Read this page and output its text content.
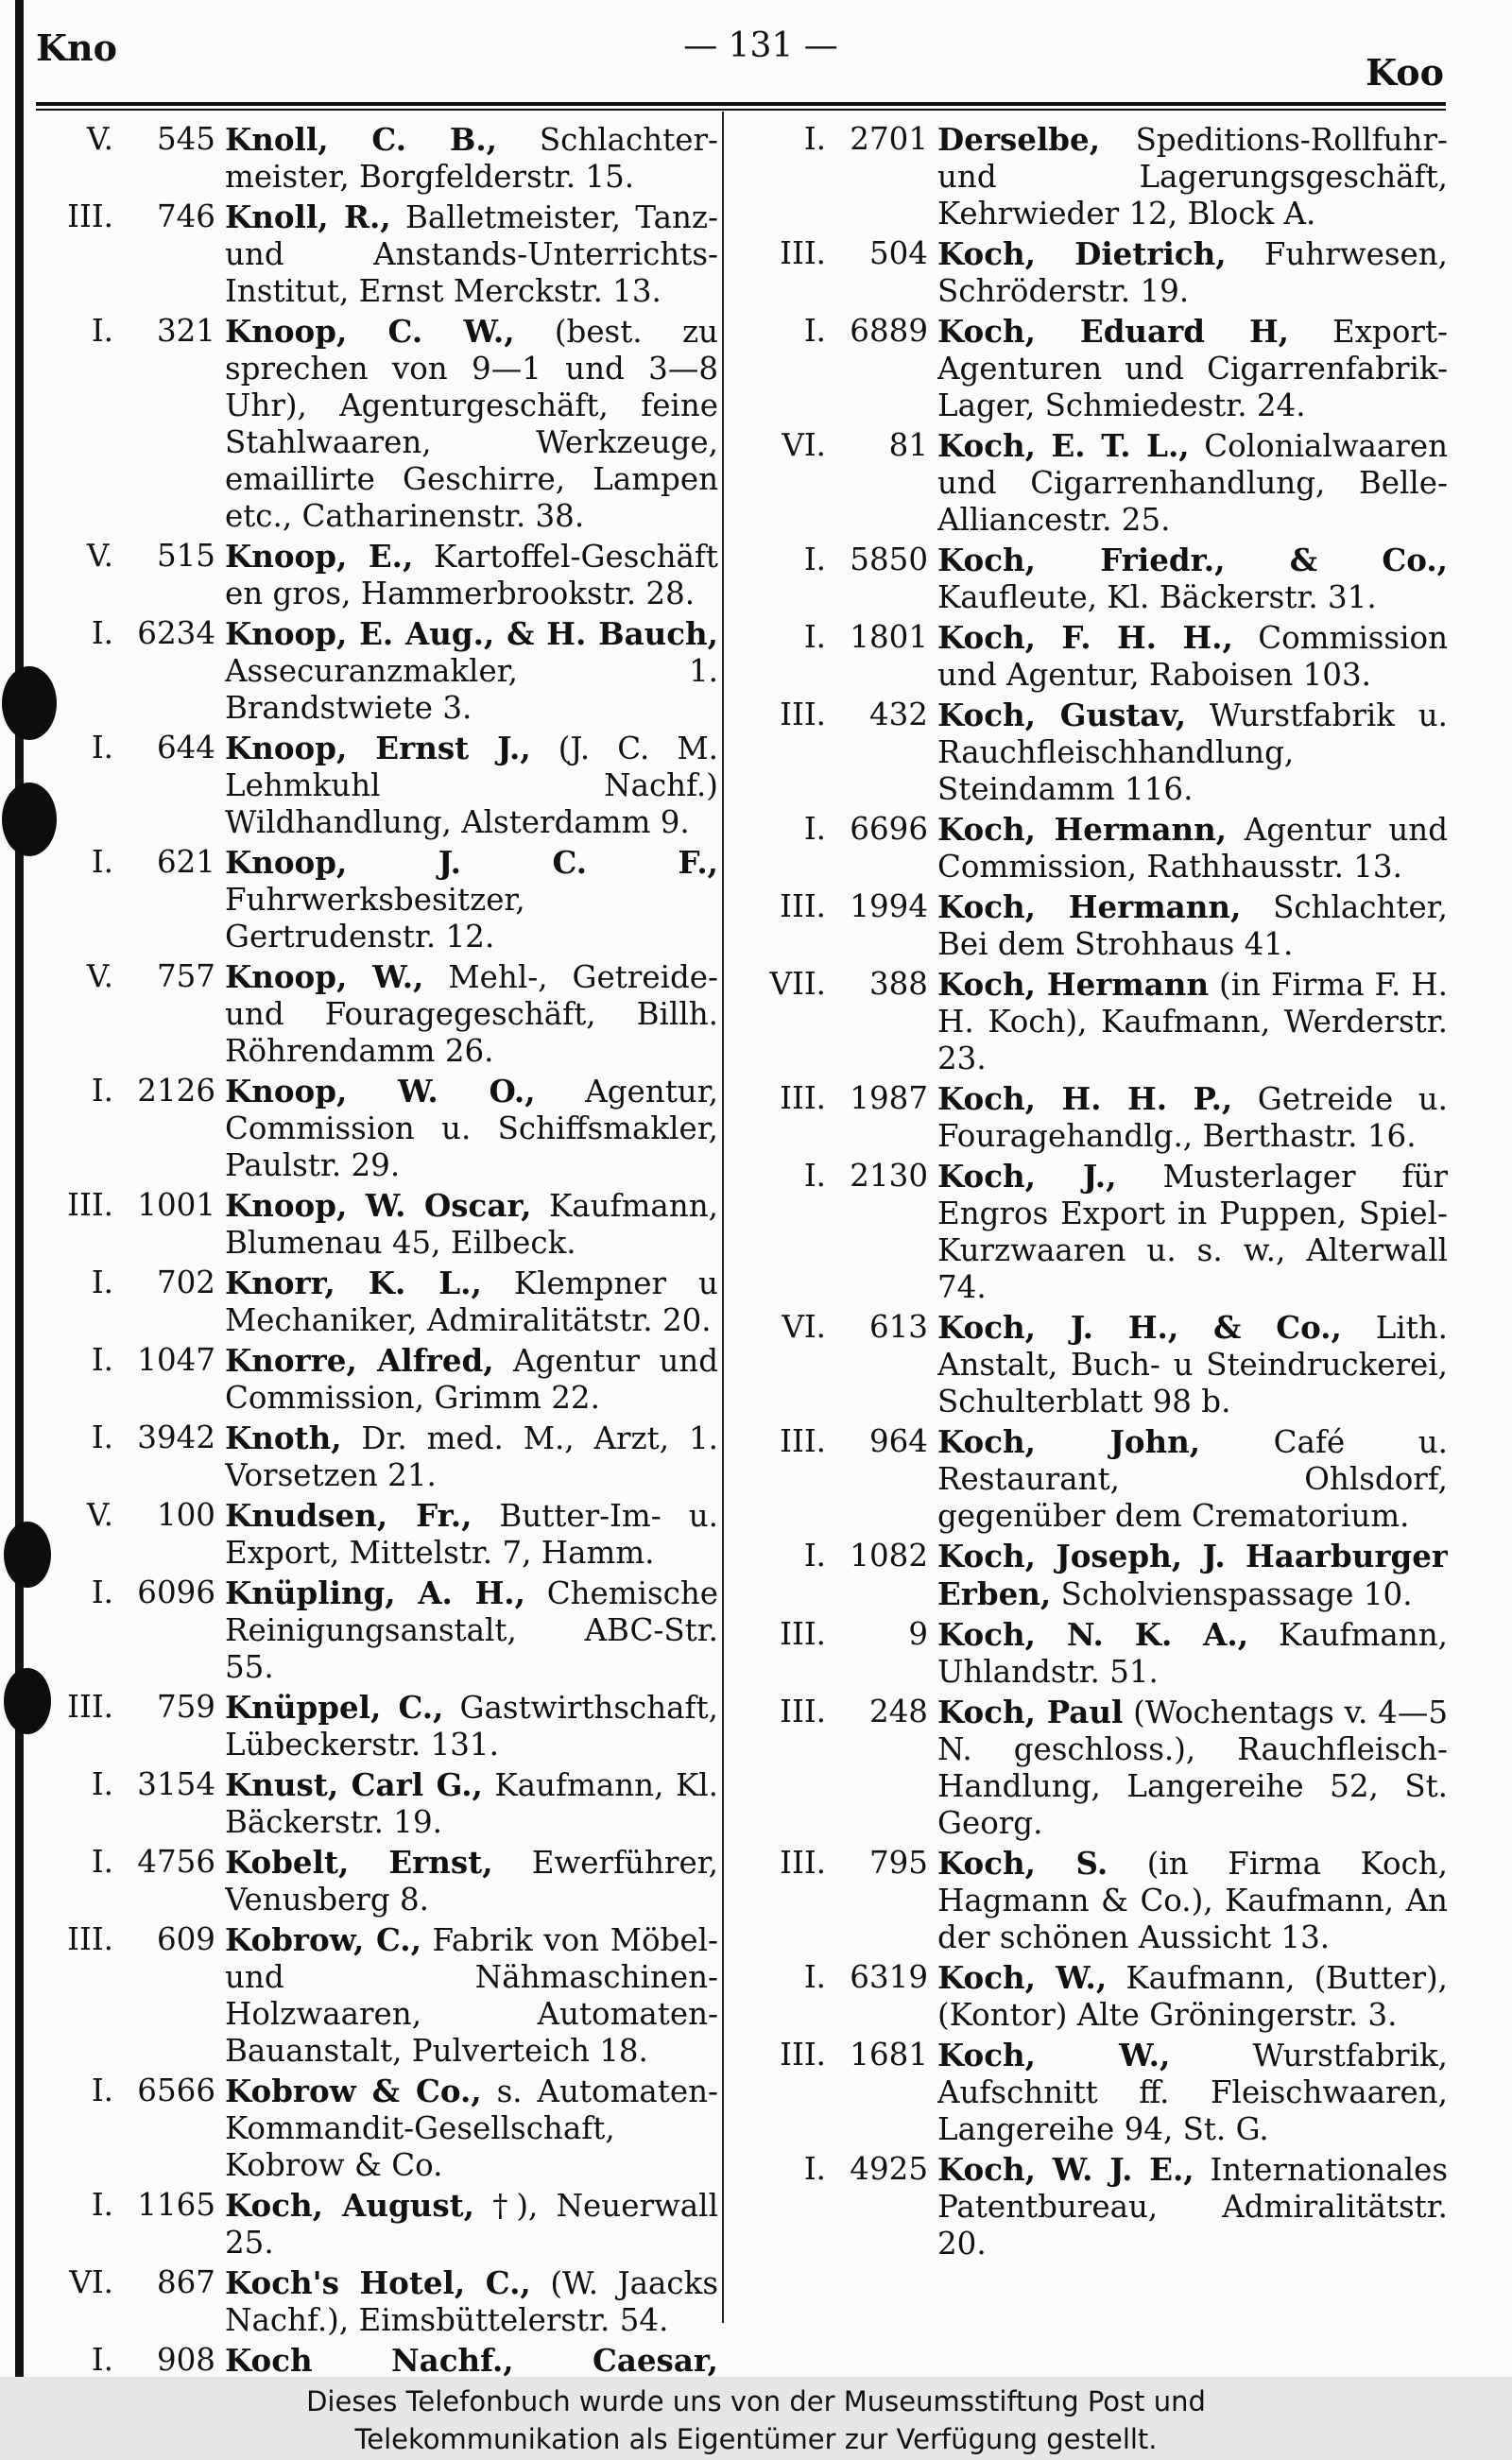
Kno	— 131 —
Koo
V. 545 Knoll, C. B., Schlachter-meister, Borgfelderstr. 15.
III. 746 Knoll, R., Balletmeister, Tanz- und Anstands-Unterrichts-Institut, Ernst Merckstr. 13.
I. 321 Knoop, C. W., (best. zu sprechen von 9—1 und 3—8 Uhr), Agenturgeschäft, feine Stahlwaaren, Werkzeuge, emaillirte Geschirre, Lampen etc., Catharinenstr. 38.
V. 515 Knoop, E., Kartoffel-Geschäft en gros, Hammerbrookstr. 28.
I. 6234 Knoop, E. Aug., & H. Bauch, Assecuranzmakler, 1. Brandstwiete 3.
I. 644 Knoop, Ernst J., (J. C. M. Lehmkuhl Nachf.) Wildhandlung, Alsterdamm 9.
I. 621 Knoop, J. C. F., Fuhrwerksbesitzer, Gertrudenstr. 12.
V. 757 Knoop, W., Mehl-, Getreide- und Fouragegeschäft, Billh. Röhrendamm 26.
I. 2126 Knoop, W. O., Agentur, Commission u. Schiffsmakler, Paulstr. 29.
III. 1001 Knoop, W. Oscar, Kaufmann, Blumenau 45, Eilbeck.
I. 702 Knorr, K. L., Klempner u Mechaniker, Admiralitätstr. 20.
I. 1047 Knorre, Alfred, Agentur und Commission, Grimm 22.
I. 3942 Knoth, Dr. med. M., Arzt, 1. Vorsetzen 21.
V. 100 Knudsen, Fr., Butter-Im- u. Export, Mittelstr. 7, Hamm.
I. 6096 Knüpling, A. H., Chemische Reinigungsanstalt, ABC-Str. 55.
III. 759 Knüppel, C., Gastwirthschaft, Lübeckerstr. 131.
I. 3154 Knust, Carl G., Kaufmann, Kl. Bäckerstr. 19.
I. 4756 Kobelt, Ernst, Ewerführer, Venusberg 8.
III. 609 Kobrow, C., Fabrik von Möbel- und Nähmaschinen-Holzwaaren, Automaten-Bauanstalt, Pulverteich 18.
I. 6566 Kobrow & Co., s. Automaten-Kommandit-Gesellschaft, Kobrow & Co.
I. 1165 Koch, August, †), Neuerwall 25.
VI. 867 Koch's Hotel, C., (W. Jaacks Nachf.), Eimsbüttelerstr. 54.
I. 908 Koch Nachf., Caesar,
I. 2701 Derselbe, Speditions-Rollfuhr- und Lagerungsgeschäft, Kehrwieder 12, Block A.
III. 504 Koch, Dietrich, Fuhrwesen, Schröderstr. 19.
I. 6889 Koch, Eduard H, Export-Agenturen und Cigarrenfabrik-Lager, Schmiedestr. 24.
VI. 81 Koch, E. T. L., Colonialwaaren und Cigarrenhandlung, Belle-Alliancestr. 25.
I. 5850 Koch, Friedr., & Co., Kaufleute, Kl. Bäckerstr. 31.
I. 1801 Koch, F. H. H., Commission und Agentur, Raboisen 103.
III. 432 Koch, Gustav, Wurstfabrik u. Rauchfleischhandlung, Steindamm 116.
I. 6696 Koch, Hermann, Agentur und Commission, Rathhausstr. 13.
III. 1994 Koch, Hermann, Schlachter, Bei dem Strohhaus 41.
VII. 388 Koch, Hermann (in Firma F. H. H. Koch), Kaufmann, Werderstr. 23.
III. 1987 Koch, H. H. P., Getreide u. Fouragehandlg., Berthastr. 16.
I. 2130 Koch, J., Musterlager für Engros Export in Puppen, Spiel-Kurzwaaren u. s. w., Alterwall 74.
VI. 613 Koch, J. H., & Co., Lith. Anstalt, Buch- u Steindruckerei, Schulterblatt 98 b.
III. 964 Koch, John, Café u. Restaurant, Ohlsdorf, gegenüber dem Crematorium.
I. 1082 Koch, Joseph, J. Haarburger Erben, Scholvienspassage 10.
III.	9 Koch, N. K. A., Kaufmann, Uhlandstr. 51.
III. 248 Koch, Paul (Wochentags v. 4—5 N. geschloss.), Rauchfleisch-Handlung, Langereihe 52, St. Georg.
III. 795 Koch, S. (in Firma Koch, Hagmann & Co.), Kaufmann, An der schönen Aussicht 13.
I. 6319 Koch, W., Kaufmann, (Butter), (Kontor) Alte Gröningerstr. 3.
III. 1681 Koch, W.,	Wurstfabrik, Aufschnitt ff. Fleischwaaren, Langereihe 94, St. G.
I. 4925 Koch, W. J. E., Internationales Patentbureau, Admiralitätstr. 20.
Dieses Telefonbuch wurde uns von der Museumsstiftung Post und
Telekommunikation als Eigentümer zur Verfügung gestellt.
